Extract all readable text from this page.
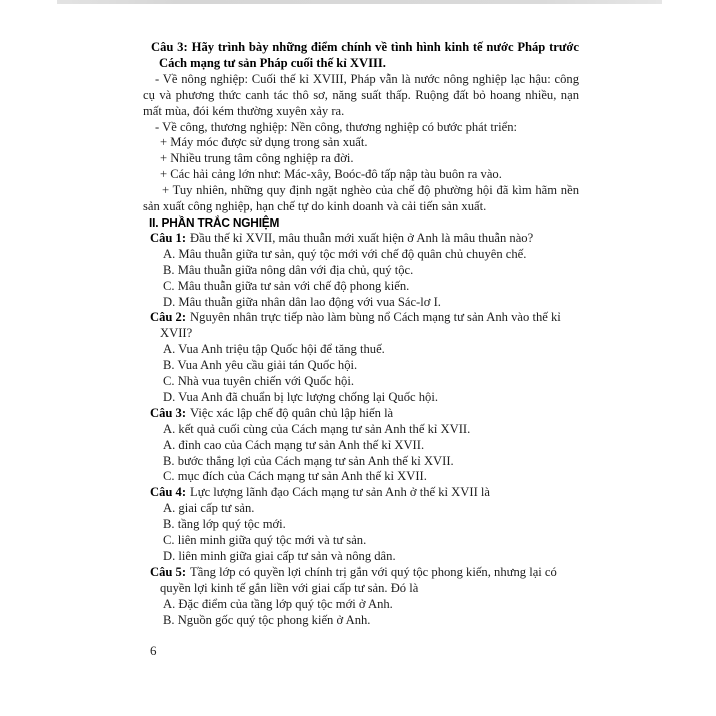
Câu 3: Hãy trình bày những điểm chính về tình hình kinh tế nước Pháp trước Cách mạng tư sản Pháp cuối thế kỉ XVIII.

- Về nông nghiệp: Cuối thế kỉ XVIII, Pháp vẫn là nước nông nghiệp lạc hậu: công cụ và phương thức canh tác thô sơ, năng suất thấp. Ruộng đất bỏ hoang nhiều, nạn mất mùa, đói kém thường xuyên xảy ra.

- Về công, thương nghiệp: Nền công, thương nghiệp có bước phát triển:

+ Máy móc được sử dụng trong sản xuất.

+ Nhiều trung tâm công nghiệp ra đời.

+ Các hải cảng lớn như: Mác-xây, Boóc-đô tấp nập tàu buôn ra vào.

+ Tuy nhiên, những quy định ngặt nghèo của chế độ phường hội đã kìm hãm nền sản xuất công nghiệp, hạn chế tự do kinh doanh và cải tiến sản xuất.

II. PHẦN TRẮC NGHIỆM

Câu 1: Đầu thế kỉ XVII, mâu thuẫn mới xuất hiện ở Anh là mâu thuẫn nào?

A. Mâu thuẫn giữa tư sản, quý tộc mới với chế độ quân chủ chuyên chế.

B. Mâu thuẫn giữa nông dân với địa chủ, quý tộc.

C. Mâu thuẫn giữa tư sản với chế độ phong kiến.

D. Mâu thuẫn giữa nhân dân lao động với vua Sác-lơ I.

Câu 2: Nguyên nhân trực tiếp nào làm bùng nổ Cách mạng tư sản Anh vào thế kỉ XVII?

A. Vua Anh triệu tập Quốc hội để tăng thuế.

B. Vua Anh yêu cầu giải tán Quốc hội.

C. Nhà vua tuyên chiến với Quốc hội.

D. Vua Anh đã chuẩn bị lực lượng chống lại Quốc hội.

Câu 3: Việc xác lập chế độ quân chủ lập hiến là

A. kết quả cuối cùng của Cách mạng tư sản Anh thế kỉ XVII.

A. đỉnh cao của Cách mạng tư sản Anh thế kỉ XVII.

B. bước thắng lợi của Cách mạng tư sản Anh thế kỉ XVII.

C. mục đích của Cách mạng tư sản Anh thế kỉ XVII.

Câu 4: Lực lượng lãnh đạo Cách mạng tư sản Anh ở thế kỉ XVII là

A. giai cấp tư sản.

B. tầng lớp quý tộc mới.

C. liên minh giữa quý tộc mới và tư sản.

D. liên minh giữa giai cấp tư sản và nông dân.

Câu 5: Tầng lớp có quyền lợi chính trị gắn với quý tộc phong kiến, nhưng lại có quyền lợi kinh tế gắn liền với giai cấp tư sản. Đó là

A. Đặc điểm của tầng lớp quý tộc mới ở Anh.

B. Nguồn gốc quý tộc phong kiến ở Anh.

6
